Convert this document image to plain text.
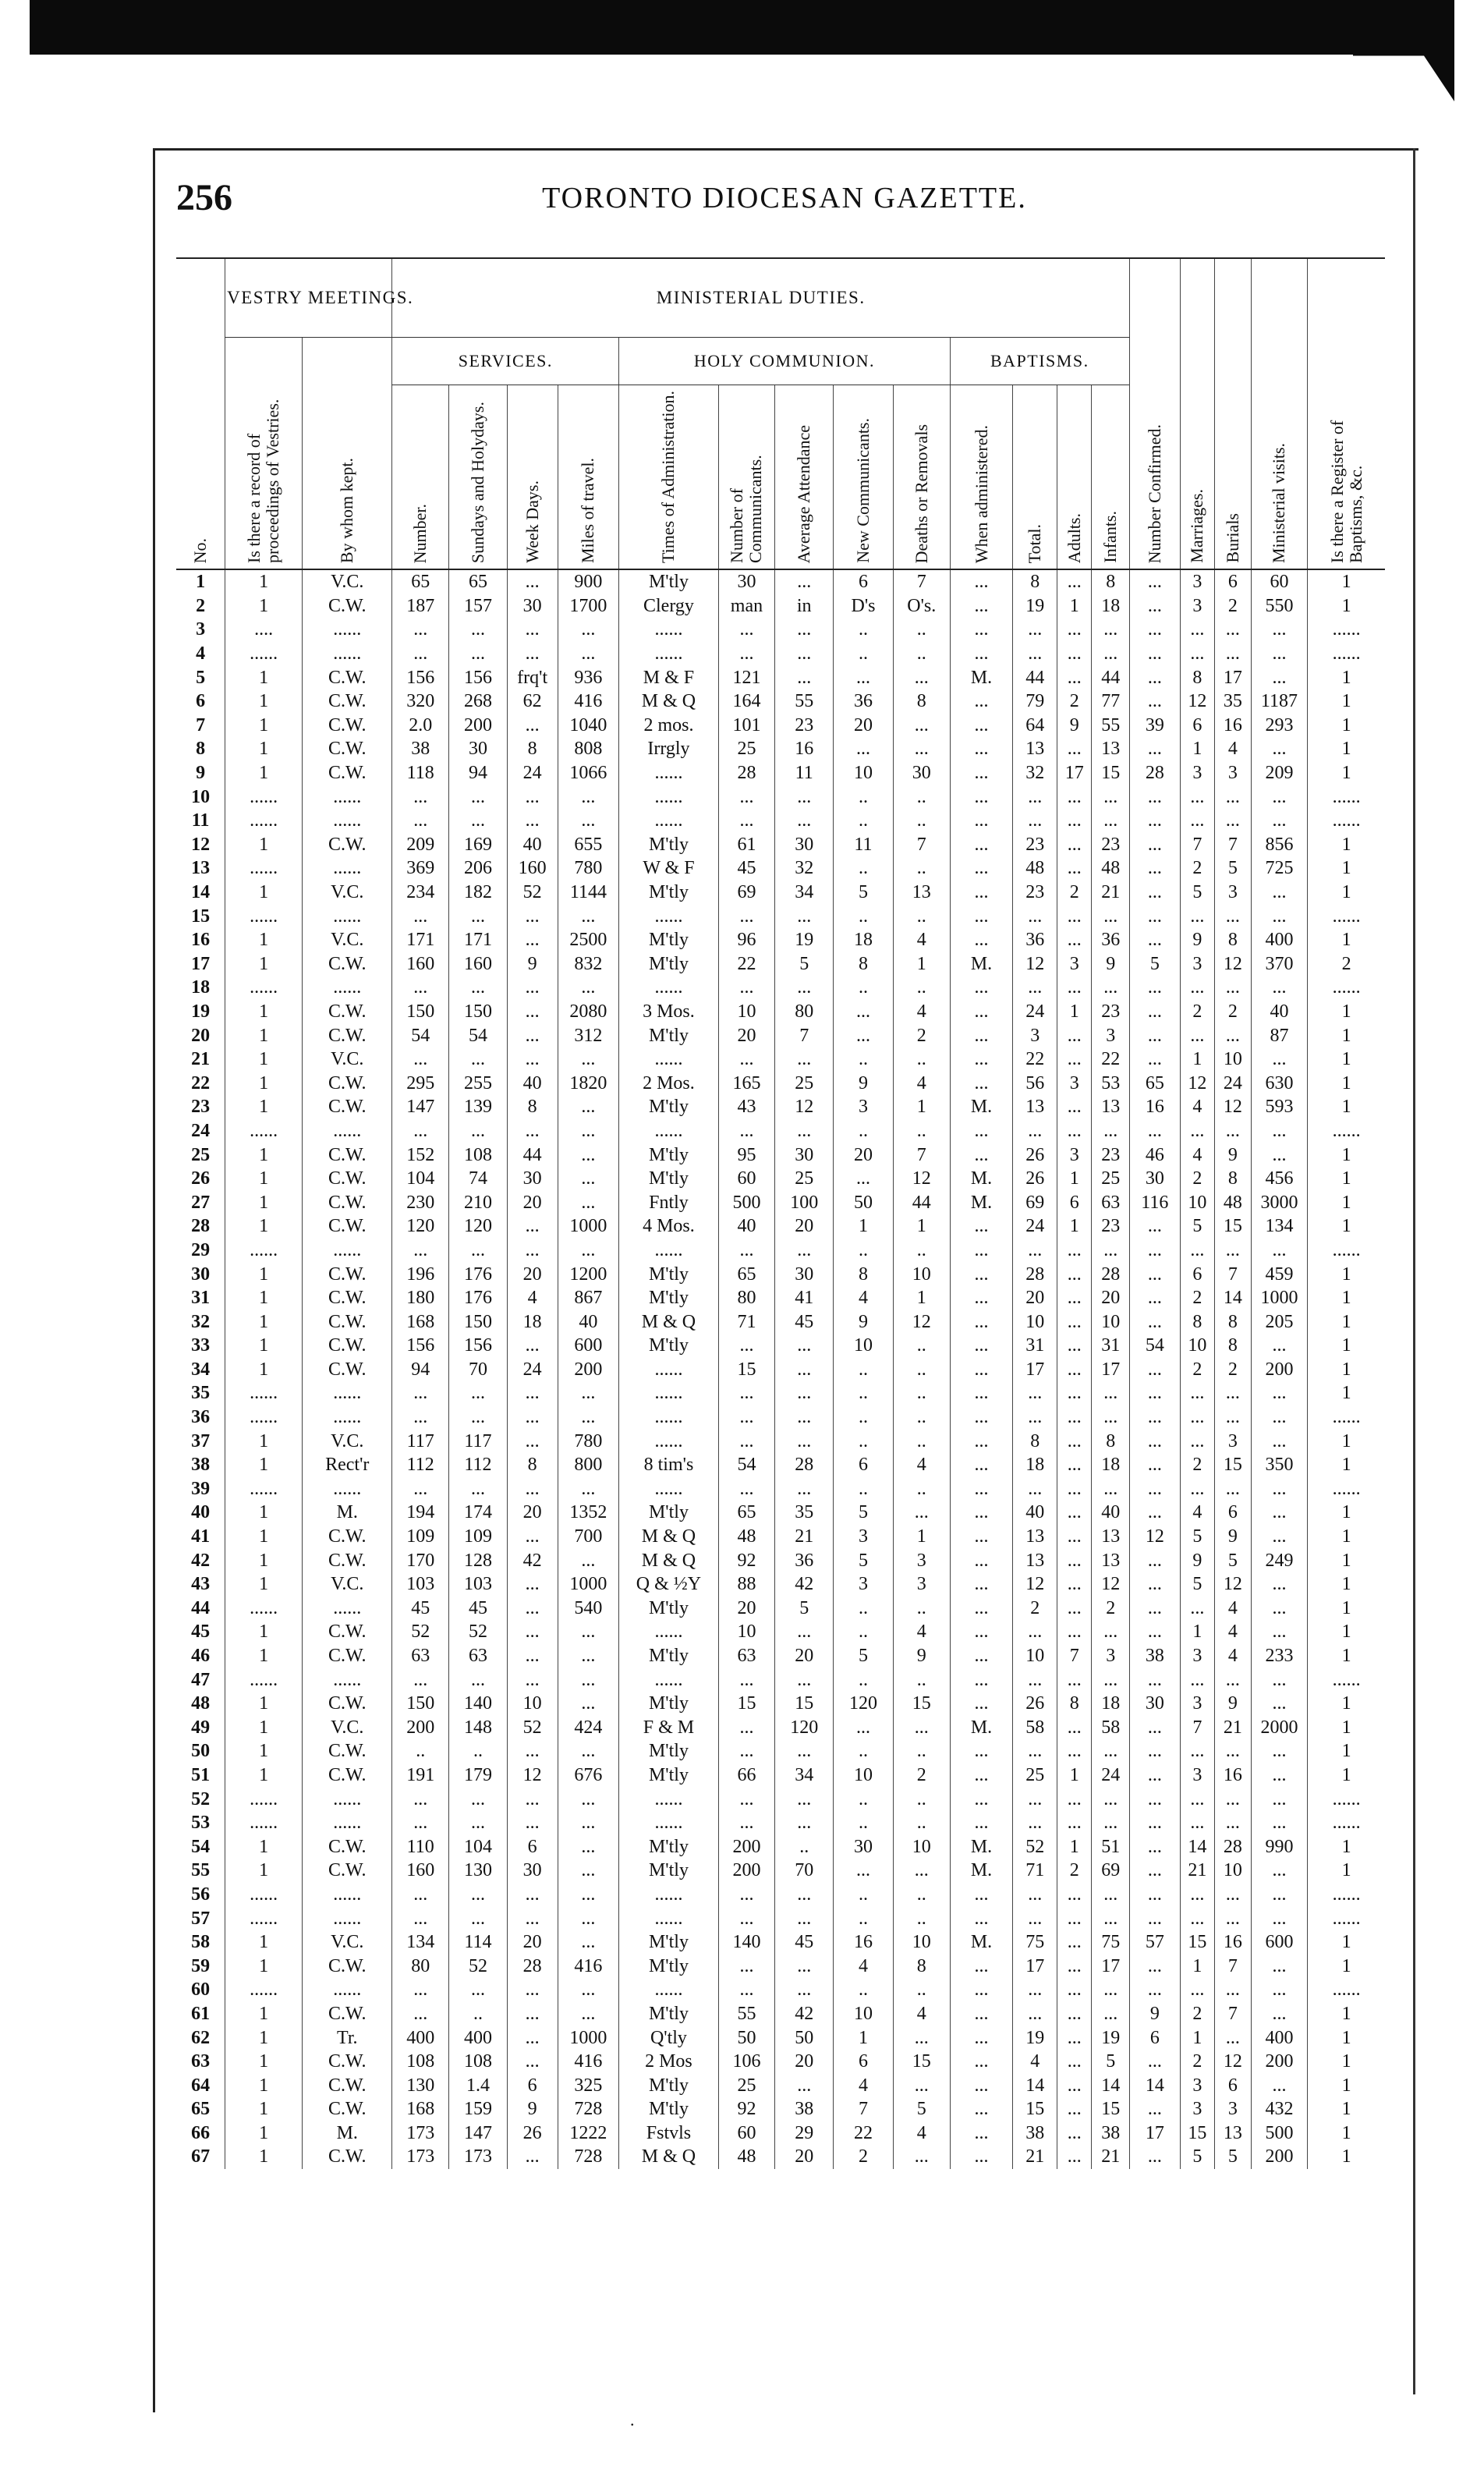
256	TORONTO DIOCESAN GAZETTE.
No.	VESTRY MEETINGS.		MINISTERIAL DUTIES.													Number Confirmed.	Marriages.	Burials	Ministerial visits.	Is there a Register of Baptisms, &c.
	Is there a record of proceedings of Vestries.	By whom kept.	SERVICES.				HOLY COMMUNION.					BAPTISMS.								
			Number.	Sundays and Holydays.	Week Days.	Miles of travel.	Times of Administration.	Number of Communicants.	Average Attendance	New Communicants.	Deaths or Removals	When administered.	Total.	Adults.	Infants.					
1	1	V.C.	65	65	...	900	M'tly	30	...	6	7	...	8	...	8	...	3	6	60	1
2	1	C.W.	187	157	30	1700	Clergy	man	in	D's	O's.	...	19	1	18	...	3	2	550	1
3	....	......	...	...	...	...	......	...	...	..	..	...	...	...	...	...	...	...	...	......
4	......	......	...	...	...	...	......	...	...	..	..	...	...	...	...	...	...	...	...	......
5	1	C.W.	156	156	frq't	936	M & F	121	...	...	...	M.	44	...	44	...	8	17	...	1
6	1	C.W.	320	268	62	416	M & Q	164	55	36	8	...	79	2	77	...	12	35	1187	1
7	1	C.W.	2.0	200	...	1040	2 mos.	101	23	20	...	...	64	9	55	39	6	16	293	1
8	1	C.W.	38	30	8	808	Irrgly	25	16	...	...	...	13	...	13	...	1	4	...	1
9	1	C.W.	118	94	24	1066	......	28	11	10	30	...	32	17	15	28	3	3	209	1
10	......	......	...	...	...	...	......	...	...	..	..	...	...	...	...	...	...	...	...	......
11	......	......	...	...	...	...	......	...	...	..	..	...	...	...	...	...	...	...	...	......
12	1	C.W.	209	169	40	655	M'tly	61	30	11	7	...	23	...	23	...	7	7	856	1
13	......	......	369	206	160	780	W & F	45	32	..	..	...	48	...	48	...	2	5	725	1
14	1	V.C.	234	182	52	1144	M'tly	69	34	5	13	...	23	2	21	...	5	3	...	1
15	......	......	...	...	...	...	......	...	...	..	..	...	...	...	...	...	...	...	...	......
16	1	V.C.	171	171	...	2500	M'tly	96	19	18	4	...	36	...	36	...	9	8	400	1
17	1	C.W.	160	160	9	832	M'tly	22	5	8	1	M.	12	3	9	5	3	12	370	2
18	......	......	...	...	...	...	......	...	...	..	..	...	...	...	...	...	...	...	...	......
19	1	C.W.	150	150	...	2080	3 Mos.	10	80	...	4	...	24	1	23	...	2	2	40	1
20	1	C.W.	54	54	...	312	M'tly	20	7	...	2	...	3	...	3	...	...	...	87	1
21	1	V.C.	...	...	...	...	......	...	...	..	..	...	22	...	22	...	1	10	...	1
22	1	C.W.	295	255	40	1820	2 Mos.	165	25	9	4	...	56	3	53	65	12	24	630	1
23	1	C.W.	147	139	8	...	M'tly	43	12	3	1	M.	13	...	13	16	4	12	593	1
24	......	......	...	...	...	...	......	...	...	..	..	...	...	...	...	...	...	...	...	......
25	1	C.W.	152	108	44	...	M'tly	95	30	20	7	...	26	3	23	46	4	9	...	1
26	1	C.W.	104	74	30	...	M'tly	60	25	...	12	M.	26	1	25	30	2	8	456	1
27	1	C.W.	230	210	20	...	Fntly	500	100	50	44	M.	69	6	63	116	10	48	3000	1
28	1	C.W.	120	120	...	1000	4 Mos.	40	20	1	1	...	24	1	23	...	5	15	134	1
29	......	......	...	...	...	...	......	...	...	..	..	...	...	...	...	...	...	...	...	......
30	1	C.W.	196	176	20	1200	M'tly	65	30	8	10	...	28	...	28	...	6	7	459	1
31	1	C.W.	180	176	4	867	M'tly	80	41	4	1	...	20	...	20	...	2	14	1000	1
32	1	C.W.	168	150	18	40	M & Q	71	45	9	12	...	10	...	10	...	8	8	205	1
33	1	C.W.	156	156	...	600	M'tly	...	...	10	..	...	31	...	31	54	10	8	...	1
34	1	C.W.	94	70	24	200	......	15	...	..	..	...	17	...	17	...	2	2	200	1
35	......	......	...	...	...	...	......	...	...	..	..	...	...	...	...	...	...	...	...	1
36	......	......	...	...	...	...	......	...	...	..	..	...	...	...	...	...	...	...	...	......
37	1	V.C.	117	117	...	780	......	...	...	..	..	...	8	...	8	...	...	3	...	1
38	1	Rect'r	112	112	8	800	8 tim's	54	28	6	4	...	18	...	18	...	2	15	350	1
39	......	......	...	...	...	...	......	...	...	..	..	...	...	...	...	...	...	...	...	......
40	1	M.	194	174	20	1352	M'tly	65	35	5	...	...	40	...	40	...	4	6	...	1
41	1	C.W.	109	109	...	700	M & Q	48	21	3	1	...	13	...	13	12	5	9	...	1
42	1	C.W.	170	128	42	...	M & Q	92	36	5	3	...	13	...	13	...	9	5	249	1
43	1	V.C.	103	103	...	1000	Q & ½Y	88	42	3	3	...	12	...	12	...	5	12	...	1
44	......	......	45	45	...	540	M'tly	20	5	..	..	...	2	...	2	...	...	4	...	1
45	1	C.W.	52	52	...	...	......	10	...	..	4	...	...	...	...	...	1	4	...	1
46	1	C.W.	63	63	...	...	M'tly	63	20	5	9	...	10	7	3	38	3	4	233	1
47	......	......	...	...	...	...	......	...	...	..	..	...	...	...	...	...	...	...	...	......
48	1	C.W.	150	140	10	...	M'tly	15	15	120	15	...	26	8	18	30	3	9	...	1
49	1	V.C.	200	148	52	424	F & M	...	120	...	...	M.	58	...	58	...	7	21	2000	1
50	1	C.W.	..	..	...	...	M'tly	...	...	..	..	...	...	...	...	...	...	...	...	1
51	1	C.W.	191	179	12	676	M'tly	66	34	10	2	...	25	1	24	...	3	16	...	1
52	......	......	...	...	...	...	......	...	...	..	..	...	...	...	...	...	...	...	...	......
53	......	......	...	...	...	...	......	...	...	..	..	...	...	...	...	...	...	...	...	......
54	1	C.W.	110	104	6	...	M'tly	200	..	30	10	M.	52	1	51	...	14	28	990	1
55	1	C.W.	160	130	30	...	M'tly	200	70	...	...	M.	71	2	69	...	21	10	...	1
56	......	......	...	...	...	...	......	...	...	..	..	...	...	...	...	...	...	...	...	......
57	......	......	...	...	...	...	......	...	...	..	..	...	...	...	...	...	...	...	...	......
58	1	V.C.	134	114	20	...	M'tly	140	45	16	10	M.	75	...	75	57	15	16	600	1
59	1	C.W.	80	52	28	416	M'tly	...	...	4	8	...	17	...	17	...	1	7	...	1
60	......	......	...	...	...	...	......	...	...	..	..	...	...	...	...	...	...	...	...	......
61	1	C.W.	...	..	...	...	M'tly	55	42	10	4	...	...	...	...	9	2	7	...	1
62	1	Tr.	400	400	...	1000	Q'tly	50	50	1	...	...	19	...	19	6	1	...	400	1
63	1	C.W.	108	108	...	416	2 Mos	106	20	6	15	...	4	...	5	...	2	12	200	1
64	1	C.W.	130	1.4	6	325	M'tly	25	...	4	...	...	14	...	14	14	3	6	...	1
65	1	C.W.	168	159	9	728	M'tly	92	38	7	5	...	15	...	15	...	3	3	432	1
66	1	M.	173	147	26	1222	Fstvls	60	29	22	4	...	38	...	38	17	15	13	500	1
67	1	C.W.	173	173	...	728	M & Q	48	20	2	...	...	21	...	21	...	5	5	200	1
.
